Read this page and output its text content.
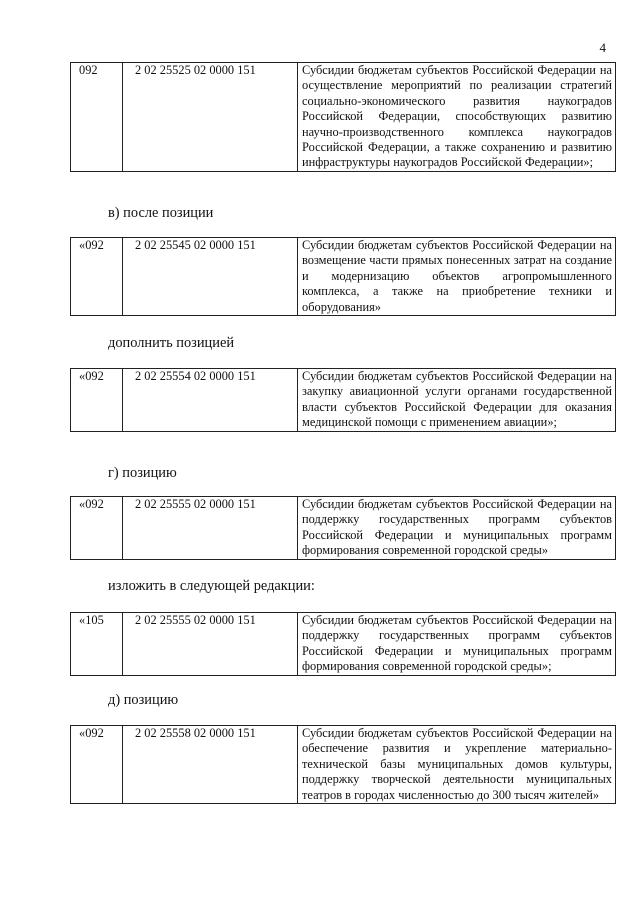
4
092	2 02 25525 02 0000 151	Субсидии бюджетам субъектов Российской Федерации на осуществление мероприятий по реализации стратегий социально-экономического развития наукоградов Российской Федерации, способствующих развитию научно-производственного комплекса наукоградов Российской Федерации, а также сохранению и развитию инфраструктуры наукоградов Российской Федерации»;
в) после позиции
«092	2 02 25545 02 0000 151	Субсидии бюджетам субъектов Российской Федерации на возмещение части прямых понесенных затрат на создание и модернизацию объектов агропромышленного комплекса, а также на приобретение техники и оборудования»
дополнить позицией
«092	2 02 25554 02 0000 151	Субсидии бюджетам субъектов Российской Федерации на закупку авиационной услуги органами государственной власти субъектов Российской Федерации для оказания медицинской помощи с применением авиации»;
г) позицию
«092	2 02 25555 02 0000 151	Субсидии бюджетам субъектов Российской Федерации на поддержку государственных программ субъектов Российской Федерации и муниципальных программ формирования современной городской среды»
изложить в следующей редакции:
«105	2 02 25555 02 0000 151	Субсидии бюджетам субъектов Российской Федерации на поддержку государственных программ субъектов Российской Федерации и муниципальных программ формирования современной городской среды»;
д) позицию
«092	2 02 25558 02 0000 151	Субсидии бюджетам субъектов Российской Федерации на обеспечение развития и укрепление материально-технической базы муниципальных домов культуры, поддержку творческой деятельности муниципальных театров в городах численностью до 300 тысяч жителей»
